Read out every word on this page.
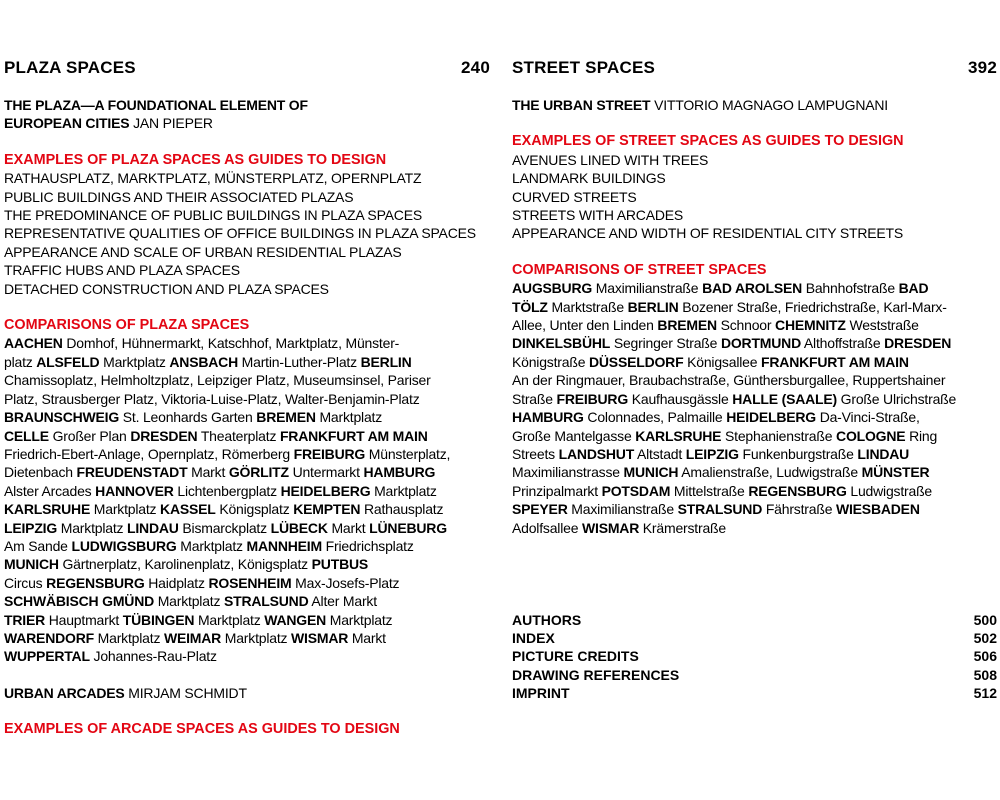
PLAZA SPACES	240
THE PLAZA—A FOUNDATIONAL ELEMENT OF
EUROPEAN CITIES JAN PIEPER
EXAMPLES OF PLAZA SPACES AS GUIDES TO DESIGN
RATHAUSPLATZ, MARKTPLATZ, MÜNSTERPLATZ, OPERNPLATZ
PUBLIC BUILDINGS AND THEIR ASSOCIATED PLAZAS
THE PREDOMINANCE OF PUBLIC BUILDINGS IN PLAZA SPACES
REPRESENTATIVE QUALITIES OF OFFICE BUILDINGS IN PLAZA SPACES
APPEARANCE AND SCALE OF URBAN RESIDENTIAL PLAZAS
TRAFFIC HUBS AND PLAZA SPACES
DETACHED CONSTRUCTION AND PLAZA SPACES
COMPARISONS OF PLAZA SPACES
AACHEN Domhof, Hühnermarkt, Katschhof, Marktplatz, Münster-
platz ALSFELD Marktplatz ANSBACH Martin-Luther-Platz BERLIN
Chamissoplatz, Helmholtzplatz, Leipziger Platz, Museumsinsel, Pariser
Platz, Strausberger Platz, Viktoria-Luise-Platz, Walter-Benjamin-Platz
BRAUNSCHWEIG St. Leonhards Garten BREMEN Marktplatz
CELLE Großer Plan DRESDEN Theaterplatz FRANKFURT AM MAIN
Friedrich-Ebert-Anlage, Opernplatz, Römerberg FREIBURG Münsterplatz,
Dietenbach FREUDENSTADT Markt GÖRLITZ Untermarkt HAMBURG
Alster Arcades HANNOVER Lichtenbergplatz HEIDELBERG Marktplatz
KARLSRUHE Marktplatz KASSEL Königsplatz KEMPTEN Rathausplatz
LEIPZIG Marktplatz LINDAU Bismarckplatz LÜBECK Markt LÜNEBURG
Am Sande LUDWIGSBURG Marktplatz MANNHEIM Friedrichsplatz
MUNICH Gärtnerplatz, Karolinenplatz, Königsplatz PUTBUS
Circus REGENSBURG Haidplatz ROSENHEIM Max-Josefs-Platz
SCHWÄBISCH GMÜND Marktplatz STRALSUND Alter Markt
TRIER Hauptmarkt TÜBINGEN Marktplatz WANGEN Marktplatz
WARENDORF Marktplatz WEIMAR Marktplatz WISMAR Markt
WUPPERTAL Johannes-Rau-Platz
URBAN ARCADES MIRJAM SCHMIDT
EXAMPLES OF ARCADE SPACES AS GUIDES TO DESIGN
STREET SPACES	392
THE URBAN STREET VITTORIO MAGNAGO LAMPUGNANI
EXAMPLES OF STREET SPACES AS GUIDES TO DESIGN
AVENUES LINED WITH TREES
LANDMARK BUILDINGS
CURVED STREETS
STREETS WITH ARCADES
APPEARANCE AND WIDTH OF RESIDENTIAL CITY STREETS
COMPARISONS OF STREET SPACES
AUGSBURG Maximilianstraße BAD AROLSEN Bahnhofstraße BAD
TÖLZ Marktstraße BERLIN Bozener Straße, Friedrichstraße, Karl-Marx-
Allee, Unter den Linden BREMEN Schnoor CHEMNITZ Weststraße
DINKELSBÜHL Segringer Straße DORTMUND Althoffstraße DRESDEN
Königstraße DÜSSELDORF Königsallee FRANKFURT AM MAIN
An der Ringmauer, Braubachstraße, Günthersburgallee, Ruppertshainer
Straße FREIBURG Kaufhausgässle HALLE (SAALE) Große Ulrichstraße
HAMBURG Colonnades, Palmaille HEIDELBERG Da-Vinci-Straße,
Große Mantelgasse KARLSRUHE Stephanienstraße COLOGNE Ring
Streets LANDSHUT Altstadt LEIPZIG Funkenburgstraße LINDAU
Maximilianstrasse MUNICH Amalienstraße, Ludwigstraße MÜNSTER
Prinzipalmarkt POTSDAM Mittelstraße REGENSBURG Ludwigstraße
SPEYER Maximilianstraße STRALSUND Fährstraße WIESBADEN
Adolfsallee WISMAR Krämerstraße
AUTHORS	500
INDEX	502
PICTURE CREDITS	506
DRAWING REFERENCES	508
IMPRINT	512
